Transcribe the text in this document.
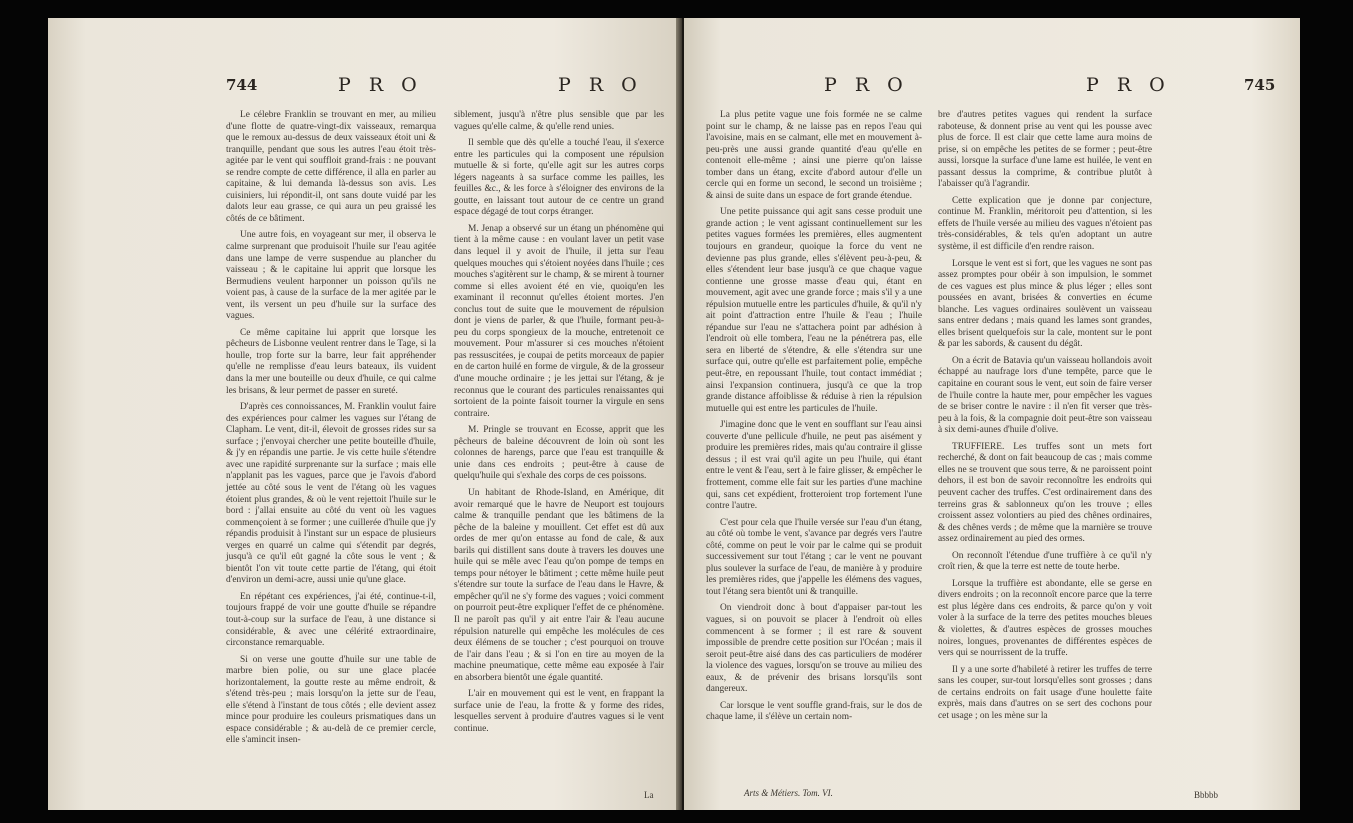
744	P R O	P R O

Le célebre Franklin se trouvant en mer, au milieu d'une flotte de quatre-vingt-dix vaisseaux, remarqua que le remoux au-dessus de deux vaisseaux étoit uni & tranquille, pendant que sous les autres l'eau étoit très-agitée par le vent qui souffloit grand-frais : ne pouvant se rendre compte de cette différence, il alla en parler au capitaine, & lui demanda là-dessus son avis. Les cuisiniers, lui répondit-il, ont sans doute vuidé par les dalots leur eau grasse, ce qui aura un peu graissé les côtés de ce bâtiment.

Une autre fois, en voyageant sur mer, il observa le calme surprenant que produisoit l'huile sur l'eau agitée dans une lampe de verre suspendue au plancher du vaisseau ; & le capitaine lui apprit que lorsque les Bermudiens veulent harponner un poisson qu'ils ne voient pas, à cause de la surface de la mer agitée par le vent, ils versent un peu d'huile sur la surface des vagues.

Ce même capitaine lui apprit que lorsque les pêcheurs de Lisbonne veulent rentrer dans le Tage, si la houlle, trop forte sur la barre, leur fait appréhender qu'elle ne remplisse d'eau leurs bateaux, ils vuident dans la mer une bouteille ou deux d'huile, ce qui calme les brisans, & leur permet de passer en sureté.

D'après ces connoissances, M. Franklin voulut faire des expériences pour calmer les vagues sur l'étang de Clapham. Le vent, dit-il, élevoit de grosses rides sur sa surface ; j'envoyai chercher une petite bouteille d'huile, & j'y en répandis une partie. Je vis cette huile s'étendre avec une rapidité surprenante sur la surface ; mais elle n'applanit pas les vagues, parce que je l'avois d'abord jettée au côté sous le vent de l'étang où les vagues étoient plus grandes, & où le vent rejettoit l'huile sur le bord : j'allai ensuite au côté du vent où les vagues commençoient à se former ; une cuillerée d'huile que j'y répandis produisit à l'instant sur un espace de plusieurs verges en quarré un calme qui s'étendit par degrés, jusqu'à ce qu'il eût gagné la côte sous le vent ; & bientôt l'on vit toute cette partie de l'étang, qui étoit d'environ un demi-acre, aussi unie qu'une glace.

En répétant ces expériences, j'ai été, continue-t-il, toujours frappé de voir une goutte d'huile se répandre tout-à-coup sur la surface de l'eau, à une distance si considérable, & avec une célérité extraordinaire, circonstance remarquable.

Si on verse une goutte d'huile sur une table de marbre bien polie, ou sur une glace placée horizontalement, la goutte reste au même endroit, & s'étend très-peu ; mais lorsqu'on la jette sur de l'eau, elle s'étend à l'instant de tous côtés ; elle devient assez mince pour produire les couleurs prismatiques dans un espace considérable ; & au-delà de ce premier cercle, elle s'amincit insen-

siblement, jusqu'à n'être plus sensible que par les vagues qu'elle calme, & qu'elle rend unies.

Il semble que dès qu'elle a touché l'eau, il s'exerce entre les particules qui la composent une répulsion mutuelle & si forte, qu'elle agit sur les autres corps légers nageants à sa surface comme les pailles, les feuilles &c., & les force à s'éloigner des environs de la goutte, en laissant tout autour de ce centre un grand espace dégagé de tout corps étranger.

M. Jenap a observé sur un étang un phénomène qui tient à la même cause : en voulant laver un petit vase dans lequel il y avoit de l'huile, il jetta sur l'eau quelques mouches qui s'étoient noyées dans l'huile ; ces mouches s'agitèrent sur le champ, & se mirent à tourner comme si elles avoient été en vie, quoiqu'en les examinant il reconnut qu'elles étoient mortes. J'en conclus tout de suite que le mouvement de répulsion dont je viens de parler, & que l'huile, formant peu-à-peu du corps spongieux de la mouche, entretenoit ce mouvement. Pour m'assurer si ces mouches n'étoient pas ressuscitées, je coupai de petits morceaux de papier en de carton huilé en forme de virgule, & de la grosseur d'une mouche ordinaire ; je les jettai sur l'étang, & je reconnus que le courant des particules renaissantes qui sortoient de la pointe faisoit tourner la virgule en sens contraire.

M. Pringle se trouvant en Ecosse, apprit que les pêcheurs de baleine découvrent de loin où sont les colonnes de harengs, parce que l'eau est tranquille & unie dans ces endroits ; peut-être à cause de quelqu'huile qui s'exhale des corps de ces poissons.

Un habitant de Rhode-Island, en Amérique, dit avoir remarqué que le havre de Neuport est toujours calme & tranquille pendant que les bâtimens de la pêche de la baleine y mouillent. Cet effet est dû aux ordes de mer qu'on entasse au fond de cale, & aux barils qui distillent sans doute à travers les douves une huile qui se mêle avec l'eau qu'on pompe de temps en temps pour nétoyer le bâtiment ; cette même huile peut s'étendre sur toute la surface de l'eau dans le Havre, & empêcher qu'il ne s'y forme des vagues ; voici comment on pourroit peut-être expliquer l'effet de ce phénomène. Il ne paroît pas qu'il y ait entre l'air & l'eau aucune répulsion naturelle qui empêche les molécules de ces deux élémens de se toucher ; c'est pourquoi on trouve de l'air dans l'eau ; & si l'on en tire au moyen de la machine pneumatique, cette même eau exposée à l'air en absorbera bientôt une égale quantité.

L'air en mouvement qui est le vent, en frappant la surface unie de l'eau, la frotte & y forme des rides, lesquelles servent à produire d'autres vagues si le vent continue.

La
P R O	P R O	745

La plus petite vague une fois formée ne se calme point sur le champ, & ne laisse pas en repos l'eau qui l'avoisine, mais en se calmant, elle met en mouvement à-peu-près une aussi grande quantité d'eau qu'elle en contenoit elle-même ; ainsi une pierre qu'on laisse tomber dans un étang, excite d'abord autour d'elle un cercle qui en forme un second, le second un troisième ; & ainsi de suite dans un espace de fort grande étendue.

Une petite puissance qui agit sans cesse produit une grande action ; le vent agissant continuellement sur les petites vagues formées les premières, elles augmentent toujours en grandeur, quoique la force du vent ne devienne pas plus grande, elles s'élèvent peu-à-peu, & elles s'étendent leur base jusqu'à ce que chaque vague contienne une grosse masse d'eau qui, étant en mouvement, agit avec une grande force ; mais s'il y a une répulsion mutuelle entre les particules d'huile, & qu'il n'y ait point d'attraction entre l'huile & l'eau ; l'huile répandue sur l'eau ne s'attachera point par adhésion à l'endroit où elle tombera, l'eau ne la pénétrera pas, elle sera en liberté de s'étendre, & elle s'étendra sur une surface qui, outre qu'elle est parfaitement polie, empêche peut-être, en repoussant l'huile, tout contact immédiat ; ainsi l'expansion continuera, jusqu'à ce que la trop grande distance affoiblisse & réduise à rien la répulsion mutuelle qui est entre les particules de l'huile.

J'imagine donc que le vent en soufflant sur l'eau ainsi couverte d'une pellicule d'huile, ne peut pas aisément y produire les premières rides, mais qu'au contraire il glisse dessus ; il est vrai qu'il agite un peu l'huile, qui étant entre le vent & l'eau, sert à le faire glisser, & empêcher le frottement, comme elle fait sur les parties d'une machine qui, sans cet expédient, frotteroient trop fortement l'une contre l'autre.

C'est pour cela que l'huile versée sur l'eau d'un étang, au côté où tombe le vent, s'avance par degrés vers l'autre côté, comme on peut le voir par le calme qui se produit successivement sur tout l'étang ; car le vent ne pouvant plus soulever la surface de l'eau, de manière à y produire les premières rides, que j'appelle les élémens des vagues, tout l'étang sera bientôt uni & tranquille.

On viendroit donc à bout d'appaiser par-tout les vagues, si on pouvoit se placer à l'endroit où elles commencent à se former ; il est rare & souvent impossible de prendre cette position sur l'Océan ; mais il seroit peut-être aisé dans des cas particuliers de modérer la violence des vagues, lorsqu'on se trouve au milieu des eaux, & de prévenir des brisans lorsqu'ils sont dangereux.

Car lorsque le vent souffle grand-frais, sur le dos de chaque lame, il s'élève un certain nom-

bre d'autres petites vagues qui rendent la surface raboteuse, & donnent prise au vent qui les pousse avec plus de force. Il est clair que cette lame aura moins de prise, si on empêche les petites de se former ; peut-être aussi, lorsque la surface d'une lame est huilée, le vent en passant dessus la comprime, & contribue plutôt à l'abaisser qu'à l'agrandir.

Cette explication que je donne par conjecture, continue M. Franklin, méritoroit peu d'attention, si les effets de l'huile versée au milieu des vagues n'étoient pas très-considérables, & tels qu'en adoptant un autre système, il est difficile d'en rendre raison.

Lorsque le vent est si fort, que les vagues ne sont pas assez promptes pour obéir à son impulsion, le sommet de ces vagues est plus mince & plus léger ; elles sont poussées en avant, brisées & converties en écume blanche. Les vagues ordinaires soulèvent un vaisseau sans entrer dedans ; mais quand les lames sont grandes, elles brisent quelquefois sur la cale, montent sur le pont & par les sabords, & causent du dégât.

On a écrit de Batavia qu'un vaisseau hollandois avoit échappé au naufrage lors d'une tempête, parce que le capitaine en courant sous le vent, eut soin de faire verser de l'huile contre la haute mer, pour empêcher les vagues de se briser contre le navire : il n'en fit verser que très-peu à la fois, & la compagnie doit peut-être son vaisseau à six demi-aunes d'huile d'olive.

TRUFFIERE. Les truffes sont un mets fort recherché, & dont on fait beaucoup de cas ; mais comme elles ne se trouvent que sous terre, & ne paroissent point dehors, il est bon de savoir reconnoître les endroits qui peuvent cacher des truffes. C'est ordinairement dans des terreins gras & sablonneux qu'on les trouve ; elles croissent assez volontiers au pied des chênes ordinaires, & des chênes verds ; de même que la marnière se trouve assez ordinairement au pied des ormes.

On reconnoît l'étendue d'une truffière à ce qu'il n'y croît rien, & que la terre est nette de toute herbe.

Lorsque la truffière est abondante, elle se gerse en divers endroits ; on la reconnoît encore parce que la terre est plus légère dans ces endroits, & parce qu'on y voit voler à la surface de la terre des petites mouches bleues & violettes, & d'autres espèces de grosses mouches noires, longues, provenantes de différentes espèces de vers qui se nourrissent de la truffe.

Il y a une sorte d'habileté à retirer les truffes de terre sans les couper, sur-tout lorsqu'elles sont grosses ; dans de certains endroits on fait usage d'une houlette faite exprès, mais dans d'autres on se sert des cochons pour cet usage ; on les mène sur la

Arts & Métiers. Tom. VI.	Bbbbb
